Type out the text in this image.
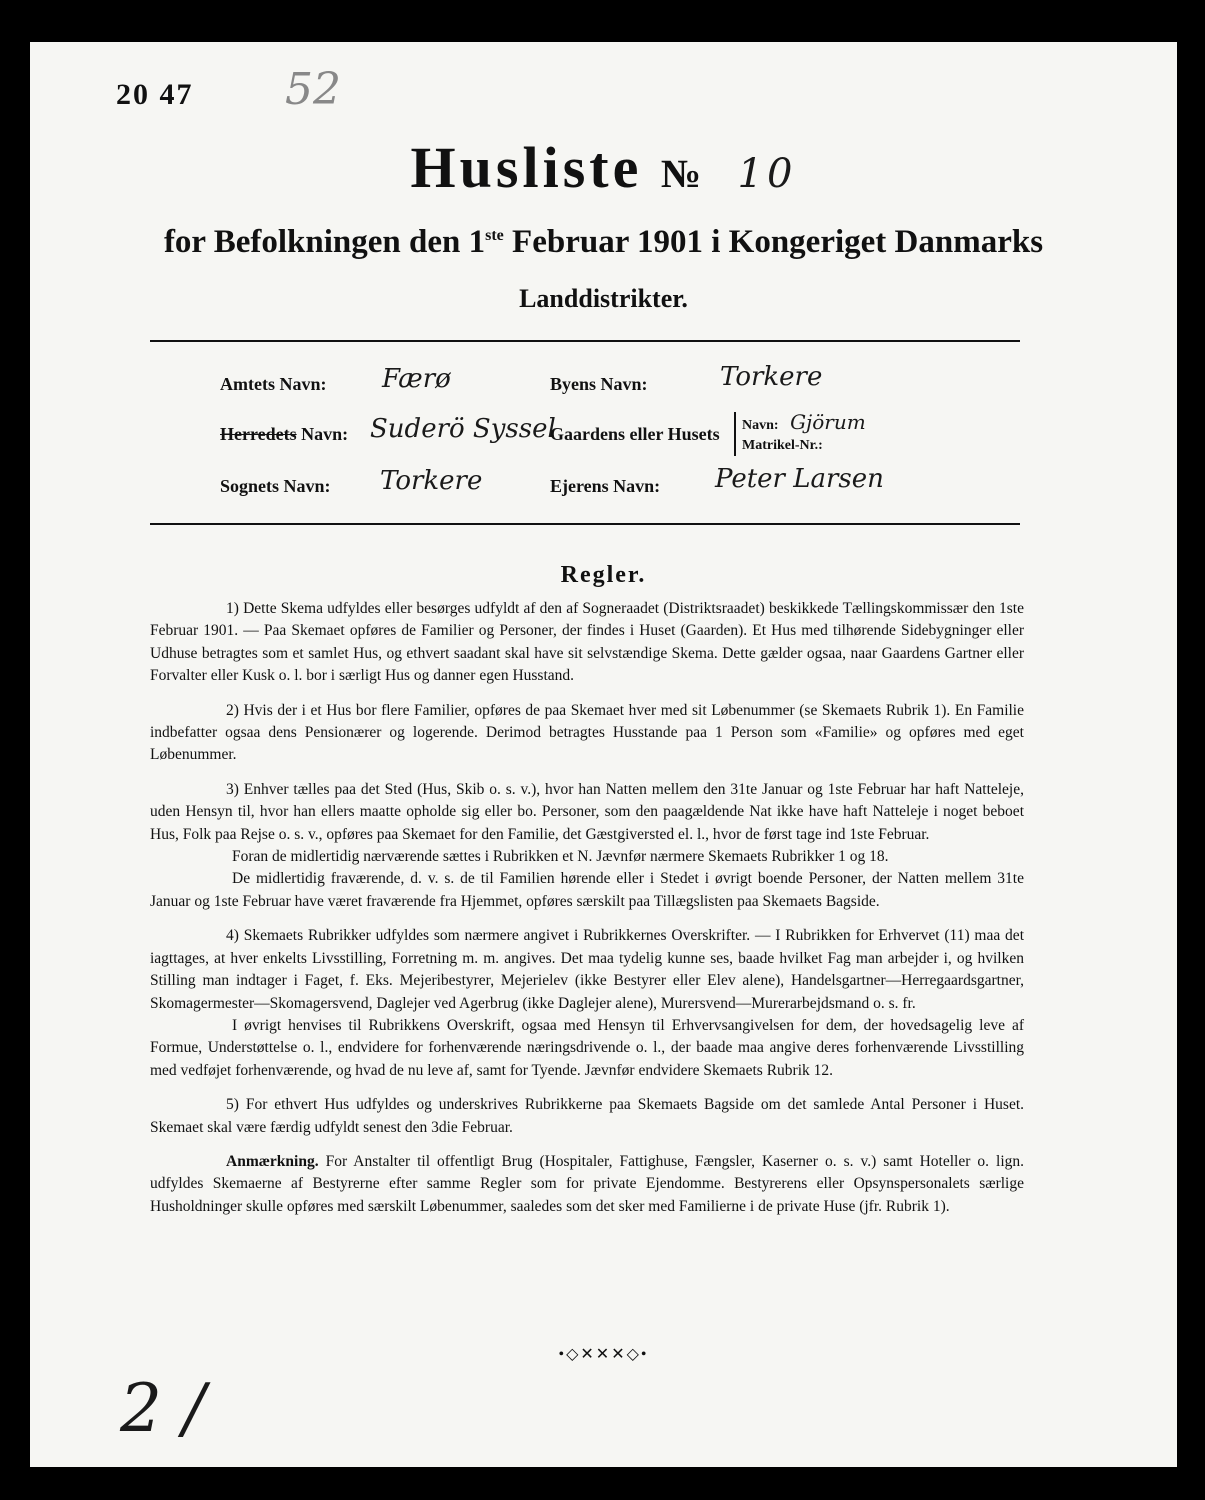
20 47 52
Husliste № 10
for Befolkningen den 1ste Februar 1901 i Kongeriget Danmarks
Landdistrikter.
Amtets Navn: Færø
Herredets Navn: Suderö Syssel
Sognets Navn: Torkere
Byens Navn:	Torkere
Gaardens eller Husets Navn: Gjörum
Matrikel-Nr.:
Ejerens Navn: Peter Larsen
Regler.

1) Dette Skema udfyldes eller besørges udfyldt af den af Sogneraadet (Distriktsraadet) beskikkede Tællingskommissær den 1ste Februar 1901. — Paa Skemaet opføres de Familier og Personer, der findes i Huset (Gaarden). Et Hus med tilhørende Sidebygninger eller Udhuse betragtes som et samlet Hus, og ethvert saadant skal have sit selvstændige Skema. Dette gælder ogsaa, naar Gaardens Gartner eller Forvalter eller Kusk o. l. bor i særligt Hus og danner egen Husstand.

2) Hvis der i et Hus bor flere Familier, opføres de paa Skemaet hver med sit Løbenummer (se Skemaets Rubrik 1). En Familie indbefatter ogsaa dens Pensionærer og logerende. Derimod betragtes Husstande paa 1 Person som «Familie» og opføres med eget Løbenummer.

3) Enhver tælles paa det Sted (Hus, Skib o. s. v.), hvor han Natten mellem den 31te Januar og 1ste Februar har haft Natteleje, uden Hensyn til, hvor han ellers maatte opholde sig eller bo. Personer, som den paagældende Nat ikke have haft Natteleje i noget beboet Hus, Folk paa Rejse o. s. v., opføres paa Skemaet for den Familie, det Gæstgiversted el. l., hvor de først tage ind 1ste Februar.

Foran de midlertidig nærværende sættes i Rubrikken et N. Jævnfør nærmere Skemaets Rubrikker 1 og 18.

De midlertidig fraværende, d. v. s. de til Familien hørende eller i Stedet i øvrigt boende Personer, der Natten mellem 31te Januar og 1ste Februar have været fraværende fra Hjemmet, opføres særskilt paa Tillægslisten paa Skemaets Bagside.

4) Skemaets Rubrikker udfyldes som nærmere angivet i Rubrikkernes Overskrifter. — I Rubrikken for Erhvervet (11) maa det iagttages, at hver enkelts Livsstilling, Forretning m. m. angives. Det maa tydelig kunne ses, baade hvilket Fag man arbejder i, og hvilken Stilling man indtager i Faget, f. Eks. Mejeribestyrer, Mejerielev (ikke Bestyrer eller Elev alene), Handelsgartner—Herregaardsgartner, Skomagermester—Skomagersvend, Daglejer ved Agerbrug (ikke Daglejer alene), Murersvend—Murerarbejdsmand o. s. fr.

I øvrigt henvises til Rubrikkens Overskrift, ogsaa med Hensyn til Erhvervsangivelsen for dem, der hovedsagelig leve af Formue, Understøttelse o. l., endvidere for forhenværende næringsdrivende o. l., der baade maa angive deres forhenværende Livsstilling med vedføjet forhenværende, og hvad de nu leve af, samt for Tyende. Jævnfør endvidere Skemaets Rubrik 12.

5) For ethvert Hus udfyldes og underskrives Rubrikkerne paa Skemaets Bagside om det samlede Antal Personer i Huset. Skemaet skal være færdig udfyldt senest den 3die Februar.

Anmærkning. For Anstalter til offentligt Brug (Hospitaler, Fattighuse, Fængsler, Kaserner o. s. v.) samt Hoteller o. lign. udfyldes Skemaerne af Bestyrerne efter samme Regler som for private Ejendomme. Bestyrerens eller Opsynspersonalets særlige Husholdninger skulle opføres med særskilt Løbenummer, saaledes som det sker med Familierne i de private Huse (jfr. Rubrik 1).

•◇✕✕✕◇•
2 /
